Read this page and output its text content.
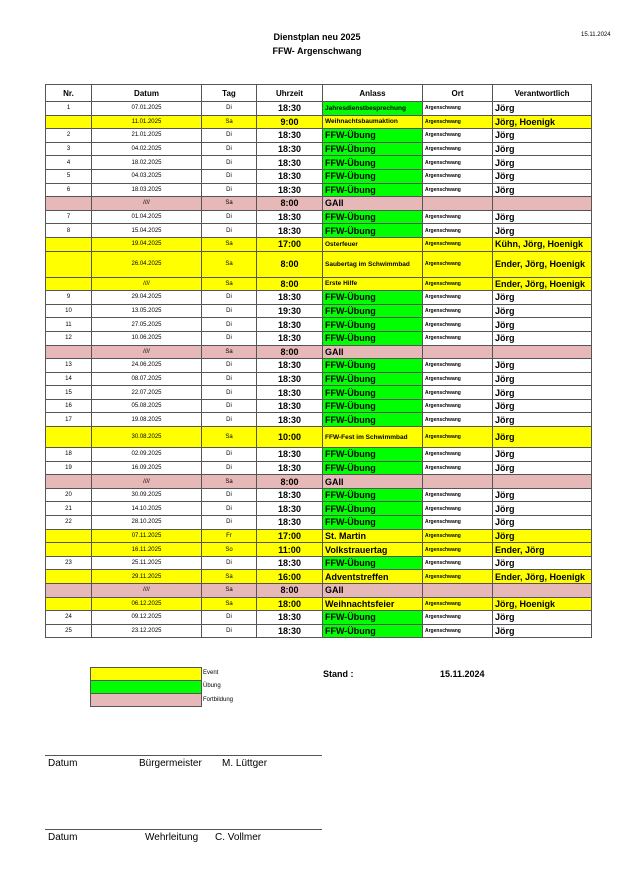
Dienstplan neu 2025
FFW- Argenschwang
15.11.2024
Nr.	Datum	Tag	Uhrzeit	Anlass	Ort	Verantwortlich
1	07.01.2025	Di	18:30	Jahresdienstbesprechung	Argenschwang	Jörg
	11.01.2025	Sa	9:00	Weihnachtsbaumaktion	Argenschwang	Jörg, Hoenigk
2	21.01.2025	Di	18:30	FFW-Übung	Argenschwang	Jörg
3	04.02.2025	Di	18:30	FFW-Übung	Argenschwang	Jörg
4	18.02.2025	Di	18:30	FFW-Übung	Argenschwang	Jörg
5	04.03.2025	Di	18:30	FFW-Übung	Argenschwang	Jörg
6	18.03.2025	Di	18:30	FFW-Übung	Argenschwang	Jörg
	////	Sa	8:00	GAII		
7	01.04.2025	Di	18:30	FFW-Übung	Argenschwang	Jörg
8	15.04.2025	Di	18:30	FFW-Übung	Argenschwang	Jörg
	19.04.2025	Sa	17:00	Osterfeuer	Argenschwang	Kühn, Jörg, Hoenigk
	26.04.2025	Sa	8:00	Saubertag im Schwimmbad	Argenschwang	Ender, Jörg, Hoenigk
	////	Sa	8:00	Erste Hilfe	Argenschwang	Ender, Jörg, Hoenigk
9	29.04.2025	Di	18:30	FFW-Übung	Argenschwang	Jörg
10	13.05.2025	Di	19:30	FFW-Übung	Argenschwang	Jörg
11	27.05.2025	Di	18:30	FFW-Übung	Argenschwang	Jörg
12	10.06.2025	Di	18:30	FFW-Übung	Argenschwang	Jörg
	////	Sa	8:00	GAII		
13	24.06.2025	Di	18:30	FFW-Übung	Argenschwang	Jörg
14	08.07.2025	Di	18:30	FFW-Übung	Argenschwang	Jörg
15	22.07.2025	Di	18:30	FFW-Übung	Argenschwang	Jörg
16	05.08.2025	Di	18:30	FFW-Übung	Argenschwang	Jörg
17	19.08.2025	Di	18:30	FFW-Übung	Argenschwang	Jörg
	30.08.2025	Sa	10:00	FFW-Fest im Schwimmbad	Argenschwang	Jörg
18	02.09.2025	Di	18:30	FFW-Übung	Argenschwang	Jörg
19	16.09.2025	Di	18:30	FFW-Übung	Argenschwang	Jörg
	////	Sa	8:00	GAII		
20	30.09.2025	Di	18:30	FFW-Übung	Argenschwang	Jörg
21	14.10.2025	Di	18:30	FFW-Übung	Argenschwang	Jörg
22	28.10.2025	Di	18:30	FFW-Übung	Argenschwang	Jörg
	07.11.2025	Fr	17:00	St. Martin	Argenschwang	Jörg
	16.11.2025	So	11:00	Volkstrauertag	Argenschwang	Ender, Jörg
23	25.11.2025	Di	18:30	FFW-Übung	Argenschwang	Jörg
	29.11.2025	Sa	16:00	Adventstreffen	Argenschwang	Ender, Jörg, Hoenigk
	////	Sa	8:00	GAII		
	06.12.2025	Sa	18:00	Weihnachtsfeier	Argenschwang	Jörg, Hoenigk
24	09.12.2025	Di	18:30	FFW-Übung	Argenschwang	Jörg
25	23.12.2025	Di	18:30	FFW-Übung	Argenschwang	Jörg
Event
Übung
Fortbildung
Stand :	15.11.2024
Datum	Bürgermeister M. Lüttger
Datum	Wehrleitung C. Vollmer
